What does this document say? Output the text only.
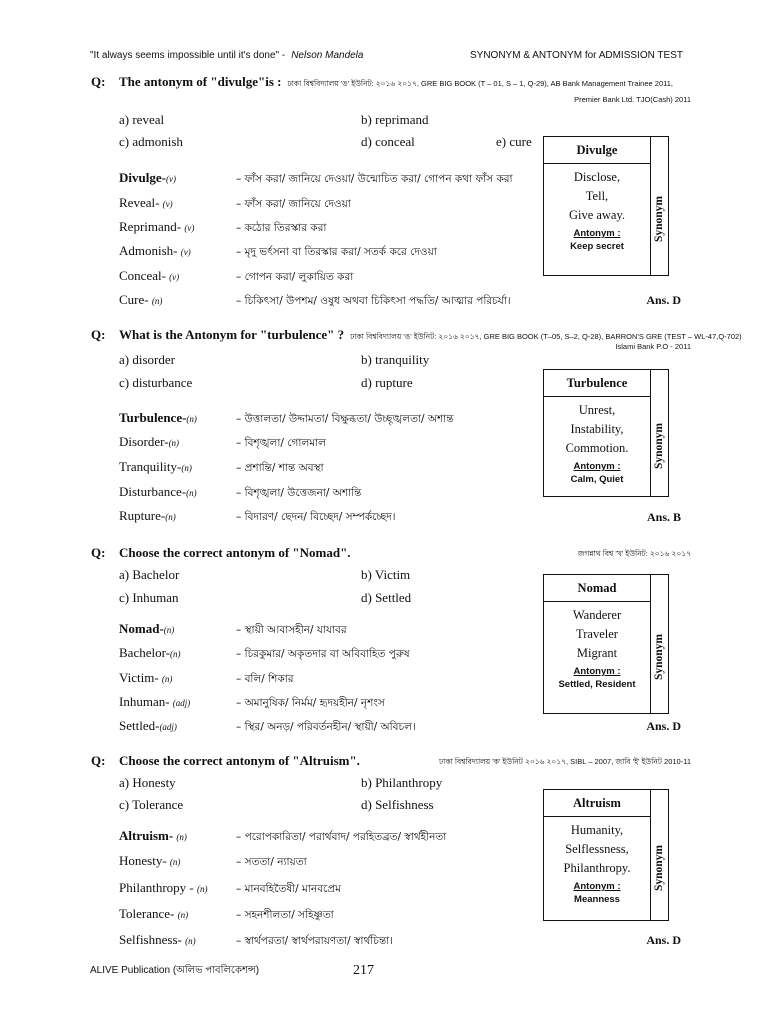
"It always seems impossible until it's done" - Nelson Mandela	SYNONYM & ANTONYM for ADMISSION TEST
Q: The antonym of "divulge"is : ঢাকা বিশ্ববিদ্যালয় 'ঙ' ইউনিট: ২০১৬ ২০১৭, GRE BIG BOOK (T – 01, S – 1, Q-29), AB Bank Management Trainee 2011,
Premier Bank Ltd. TJO(Cash) 2011
a) reveal	b) reprimand
c) admonish	d) conceal	e) cure
Divulge-(v)	– ফাঁস করা/ জানিয়ে দেওয়া/ উন্মোচিত করা/ গোপন কথা ফাঁস করা
Reveal- (v)	– ফাঁস করা/ জানিয়ে দেওয়া
Reprimand- (v)	– কঠোর তিরস্কার করা
Admonish- (v)	– মৃদু ভর্ৎসনা বা তিরস্কার করা/ সতর্ক করে দেওয়া
Conceal- (v)	– গোপন করা/ লুকায়িত করা
Cure- (n)	– চিকিৎসা/ উপশম/ ওষুধ অথবা চিকিৎসা পদ্ধতি/ আত্মার পরিচর্যা।	Ans. D
Divulge
Synonym
Disclose,
Tell,
Give away.
Antonym :
Keep secret
Q: What is the Antonym for "turbulence" ? ঢাকা বিশ্ববিদ্যালয় 'ঙ' ইউনিট: ২০১৬ ২০১৭, GRE BIG BOOK (T–05, S–2, Q-28), BARRON'S GRE (TEST – WL-47,Q-702)
Islami Bank P.O - 2011
a) disorder	b) tranquility
c) disturbance	d) rupture
Turbulence-(n)	– উত্তালতা/ উদ্দামতা/ বিক্ষুব্ধতা/ উচ্ছৃঙ্খলতা/ অশান্ত
Disorder-(n)	– বিশৃঙ্খলা/ গোলমাল
Tranquility-(n)	– প্রশান্তি/ শান্ত অবস্থা
Disturbance-(n)	– বিশৃঙ্খলা/ উত্তেজনা/ অশান্তি
Rupture-(n)	– বিদারণ/ ছেদন/ বিচ্ছেদ/ সম্পর্কচ্ছেদ।	Ans. B
Turbulence
Synonym
Unrest,
Instability,
Commotion.
Antonym :
Calm, Quiet
Q: Choose the correct antonym of "Nomad".	জগন্নাথ বিশ্ব 'খ' ইউনিট: ২০১৬ ২০১৭
a) Bachelor	b) Victim
c) Inhuman	d) Settled
Nomad-(n)	– স্থায়ী আবাসহীন/ যাযাবর
Bachelor-(n)	– চিরকুমার/ অকৃতদার বা অবিবাহিত পুরুষ
Victim- (n)	– বলি/ শিকার
Inhuman- (adj)	– অমানুষিক/ নির্মম/ হৃদয়হীন/ নৃশংস
Settled-(adj)	– স্থির/ অনড়/ পরিবর্তনহীন/ স্থায়ী/ অবিচল।	Ans. D
Nomad
Synonym
Wanderer
Traveler
Migrant
Antonym :
Settled, Resident
Q: Choose the correct antonym of "Altruism".	ঢাকা বিশ্ববিদ্যালয় 'ক' ইউনিট ২০১৬ ২০১৭, SIBL – 2007, জাবি 'ই' ইউনিট 2010-11
a) Honesty	b) Philanthropy
c) Tolerance	d) Selfishness
Altruism- (n)	– পরোপকারিতা/ পরার্থবাদ/ পরহিতব্রত/ স্বার্থহীনতা
Honesty- (n)	– সততা/ ন্যায়তা
Philanthropy - (n)	– মানবহিতৈষী/ মানবপ্রেম
Tolerance- (n)	– সহনশীলতা/ সহিষ্ণুতা
Selfishness- (n)	– স্বার্থপরতা/ স্বার্থপরায়ণতা/ স্বার্থচিন্তা।	Ans. D
Altruism
Synonym
Humanity,
Selflessness,
Philanthropy.
Antonym :
Meanness
ALIVE Publication (অলিভ পাবলিকেশন্স)	217
